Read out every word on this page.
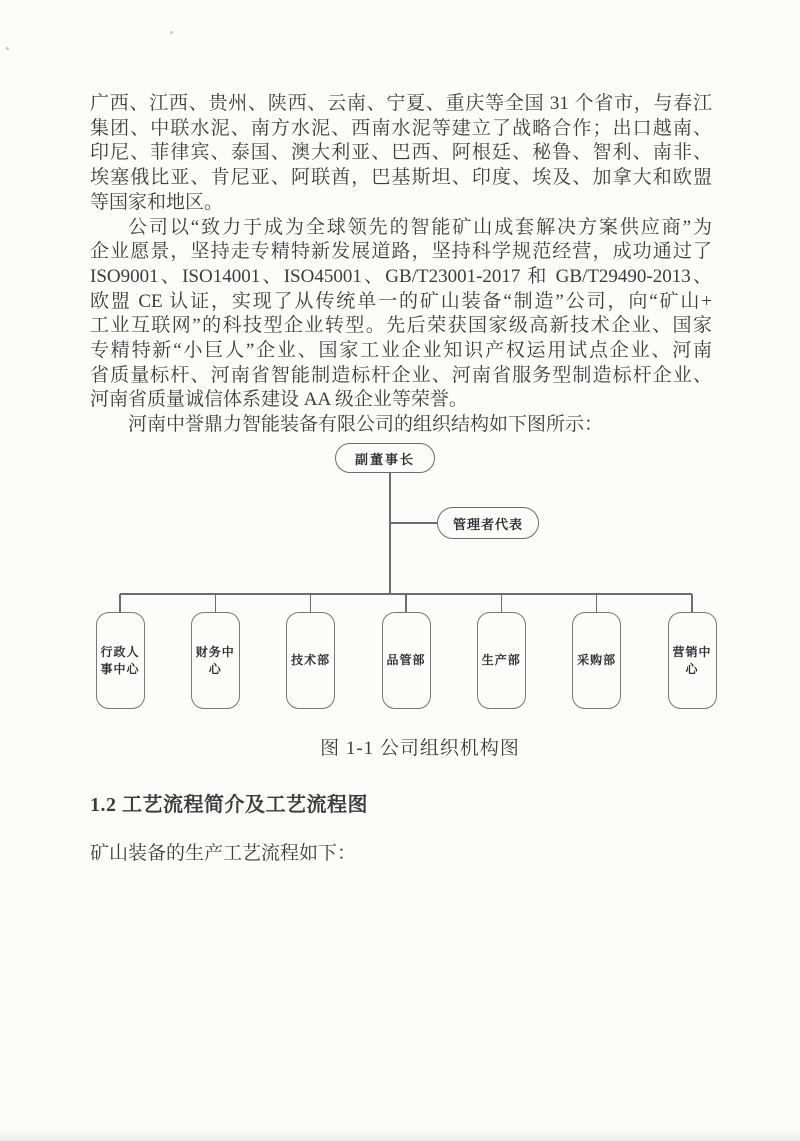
广西、江西、贵州、陕西、云南、宁夏、重庆等全国 31 个省市，与春江
集团、中联水泥、南方水泥、西南水泥等建立了战略合作；出口越南、
印尼、菲律宾、泰国、澳大利亚、巴西、阿根廷、秘鲁、智利、南非、
埃塞俄比亚、肯尼亚、阿联酋，巴基斯坦、印度、埃及、加拿大和欧盟
等国家和地区。
公司以“致力于成为全球领先的智能矿山成套解决方案供应商”为
企业愿景，坚持走专精特新发展道路，坚持科学规范经营，成功通过了
ISO9001、ISO14001、ISO45001、GB/T23001-2017 和 GB/T29490-2013、
欧盟 CE 认证，实现了从传统单一的矿山装备“制造”公司，向“矿山+
工业互联网”的科技型企业转型。先后荣获国家级高新技术企业、国家
专精特新“小巨人”企业、国家工业企业知识产权运用试点企业、河南
省质量标杆、河南省智能制造标杆企业、河南省服务型制造标杆企业、
河南省质量诚信体系建设 AA 级企业等荣誉。
河南中誉鼎力智能装备有限公司的组织结构如下图所示：
副董事长
管理者代表
行政人事中心
财务中心
技术部	品管部	生产部	采购部
营销中心
图 1-1 公司组织机构图
1.2 工艺流程简介及工艺流程图
矿山装备的生产工艺流程如下：
